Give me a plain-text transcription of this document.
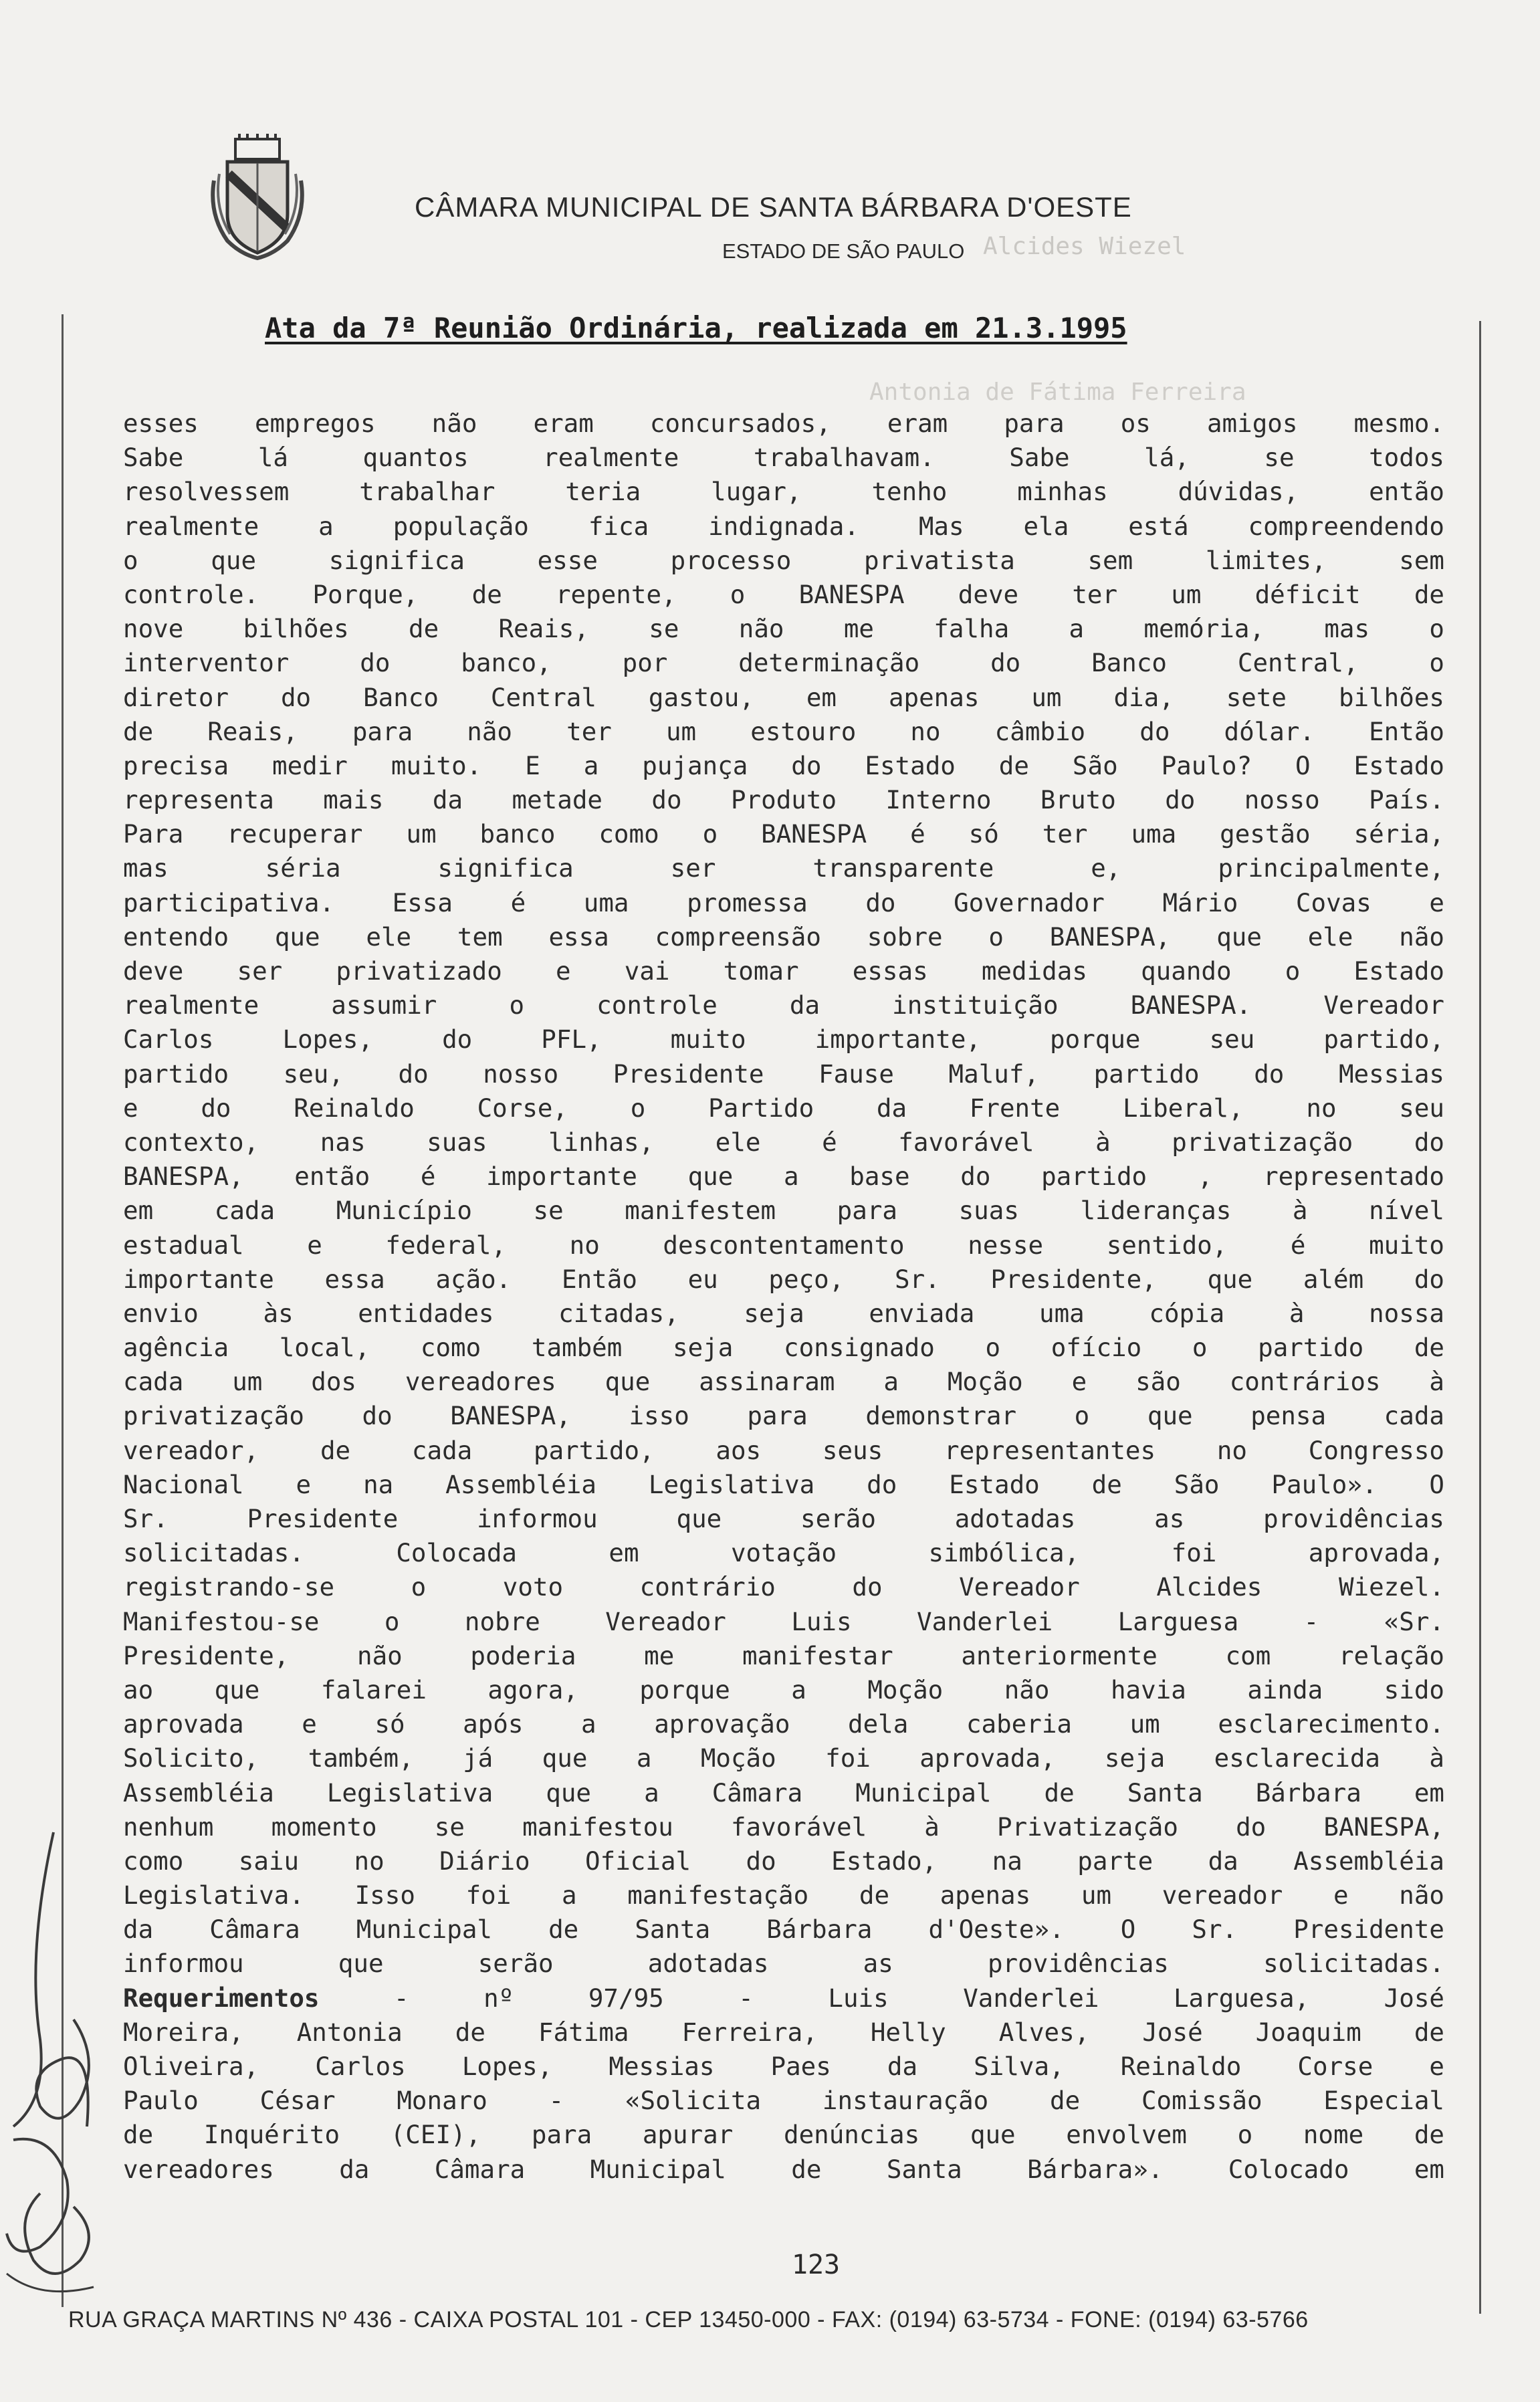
CÂMARA MUNICIPAL DE SANTA BÁRBARA D'OESTE
ESTADO DE SÃO PAULO Alcides Wiezel
Antonia de Fátima Ferreira
Ata da 7ª Reunião Ordinária, realizada em 21.3.1995
esses empregos não eram concursados, eram para os amigos mesmo.
Sabe lá quantos realmente trabalhavam. Sabe lá, se todos
resolvessem trabalhar teria lugar, tenho minhas dúvidas, então
realmente a população fica indignada. Mas ela está compreendendo
o que significa esse processo privatista sem limites, sem
controle. Porque, de repente, o BANESPA deve ter um déficit de
nove bilhões de Reais, se não me falha a memória, mas o
interventor do banco, por determinação do Banco Central, o
diretor do Banco Central gastou, em apenas um dia, sete bilhões
de Reais, para não ter um estouro no câmbio do dólar. Então
precisa medir muito. E a pujança do Estado de São Paulo? O Estado
representa mais da metade do Produto Interno Bruto do nosso País.
Para recuperar um banco como o BANESPA é só ter uma gestão séria,
mas séria significa ser transparente e, principalmente,
participativa. Essa é uma promessa do Governador Mário Covas e
entendo que ele tem essa compreensão sobre o BANESPA, que ele não
deve ser privatizado e vai tomar essas medidas quando o Estado
realmente assumir o controle da instituição BANESPA. Vereador
Carlos Lopes, do PFL, muito importante, porque seu partido,
partido seu, do nosso Presidente Fause Maluf, partido do Messias
e do Reinaldo Corse, o Partido da Frente Liberal, no seu
contexto, nas suas linhas, ele é favorável à privatização do
BANESPA, então é importante que a base do partido , representado
em cada Município se manifestem para suas lideranças à nível
estadual e federal, no descontentamento nesse sentido, é muito
importante essa ação. Então eu peço, Sr. Presidente, que além do
envio às entidades citadas, seja enviada uma cópia à nossa
agência local, como também seja consignado o ofício o partido de
cada um dos vereadores que assinaram a Moção e são contrários à
privatização do BANESPA, isso para demonstrar o que pensa cada
vereador, de cada partido, aos seus representantes no Congresso
Nacional e na Assembléia Legislativa do Estado de São Paulo». O
Sr. Presidente informou que serão adotadas as providências
solicitadas. Colocada em votação simbólica, foi aprovada,
registrando-se o voto contrário do Vereador Alcides Wiezel.
Manifestou-se o nobre Vereador Luis Vanderlei Larguesa - «Sr.
Presidente, não poderia me manifestar anteriormente com relação
ao que falarei agora, porque a Moção não havia ainda sido
aprovada e só após a aprovação dela caberia um esclarecimento.
Solicito, também, já que a Moção foi aprovada, seja esclarecida à
Assembléia Legislativa que a Câmara Municipal de Santa Bárbara em
nenhum momento se manifestou favorável à Privatização do BANESPA,
como saiu no Diário Oficial do Estado, na parte da Assembléia
Legislativa. Isso foi a manifestação de apenas um vereador e não
da Câmara Municipal de Santa Bárbara d'Oeste». O Sr. Presidente
informou que serão adotadas as providências solicitadas.
Requerimentos - nº 97/95 - Luis Vanderlei Larguesa, José
Moreira, Antonia de Fátima Ferreira, Helly Alves, José Joaquim de
Oliveira, Carlos Lopes, Messias Paes da Silva, Reinaldo Corse e
Paulo César Monaro - «Solicita instauração de Comissão Especial
de Inquérito (CEI), para apurar denúncias que envolvem o nome de
vereadores da Câmara Municipal de Santa Bárbara». Colocado em
123
RUA GRAÇA MARTINS Nº 436 - CAIXA POSTAL 101 - CEP 13450-000 - FAX: (0194) 63-5734 - FONE: (0194) 63-5766
